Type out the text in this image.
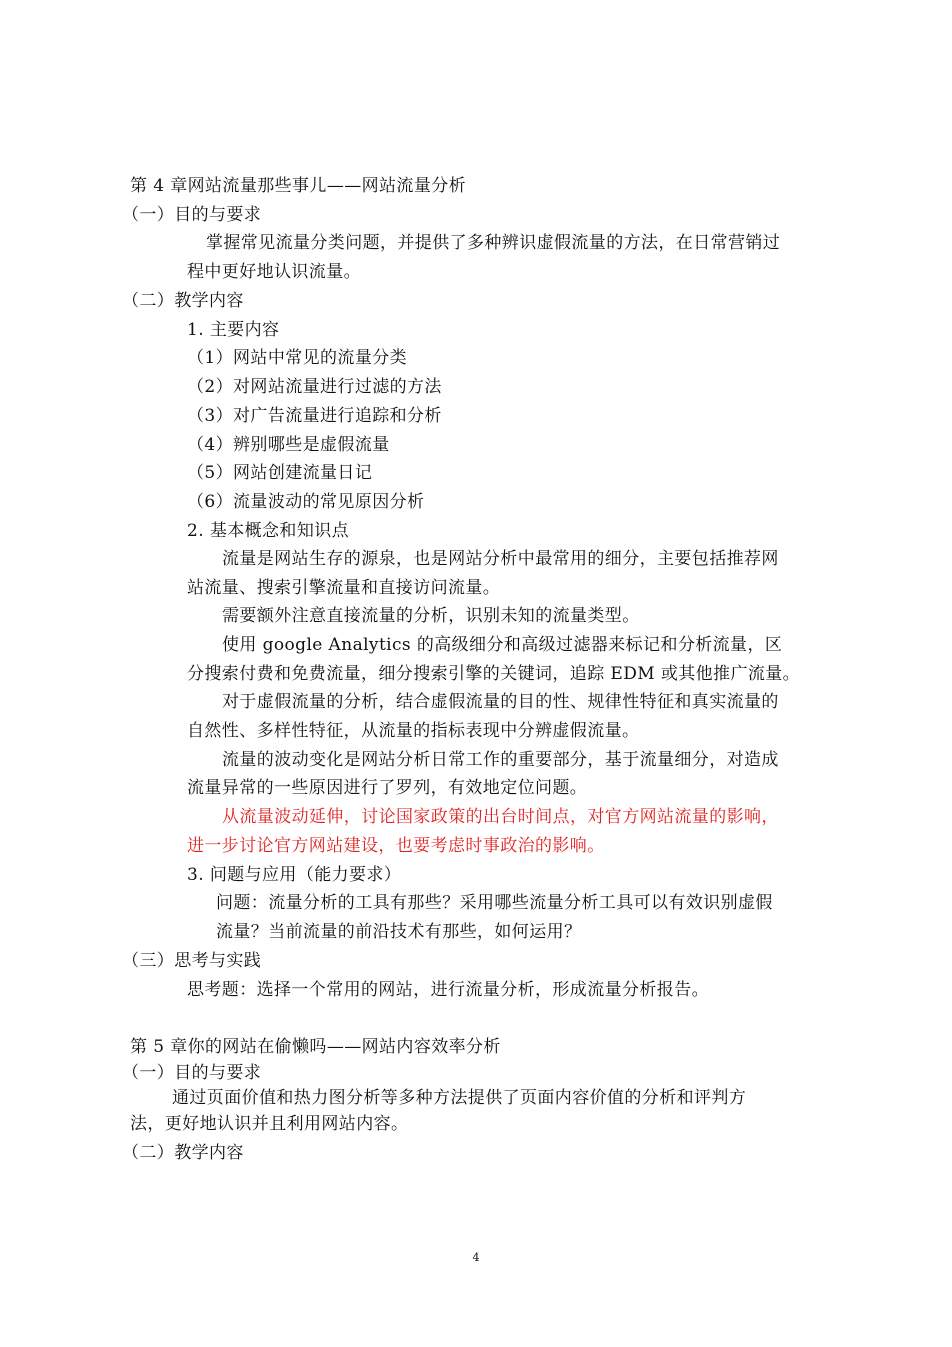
第 4 章网站流量那些事儿——网站流量分析
（一）目的与要求
掌握常见流量分类问题，并提供了多种辨识虚假流量的方法，在日常营销过
程中更好地认识流量。
（二）教学内容
1. 主要内容
（1）网站中常见的流量分类
（2）对网站流量进行过滤的方法
（3）对广告流量进行追踪和分析
（4）辨别哪些是虚假流量
（5）网站创建流量日记
（6）流量波动的常见原因分析
2. 基本概念和知识点
流量是网站生存的源泉，也是网站分析中最常用的细分，主要包括推荐网
站流量、搜索引擎流量和直接访问流量。
需要额外注意直接流量的分析，识别未知的流量类型。
使用 google Analytics 的高级细分和高级过滤器来标记和分析流量，区
分搜索付费和免费流量，细分搜索引擎的关键词，追踪 EDM 或其他推广流量。
对于虚假流量的分析，结合虚假流量的目的性、规律性特征和真实流量的
自然性、多样性特征，从流量的指标表现中分辨虚假流量。
流量的波动变化是网站分析日常工作的重要部分，基于流量细分，对造成
流量异常的一些原因进行了罗列，有效地定位问题。
从流量波动延伸，讨论国家政策的出台时间点，对官方网站流量的影响，
进一步讨论官方网站建设，也要考虑时事政治的影响。
3. 问题与应用（能力要求）
问题：流量分析的工具有那些？采用哪些流量分析工具可以有效识别虚假
流量？当前流量的前沿技术有那些，如何运用？
（三）思考与实践
思考题：选择一个常用的网站，进行流量分析，形成流量分析报告。
第 5 章你的网站在偷懒吗——网站内容效率分析
（一）目的与要求
通过页面价值和热力图分析等多种方法提供了页面内容价值的分析和评判方
法，更好地认识并且利用网站内容。
（二）教学内容
4
